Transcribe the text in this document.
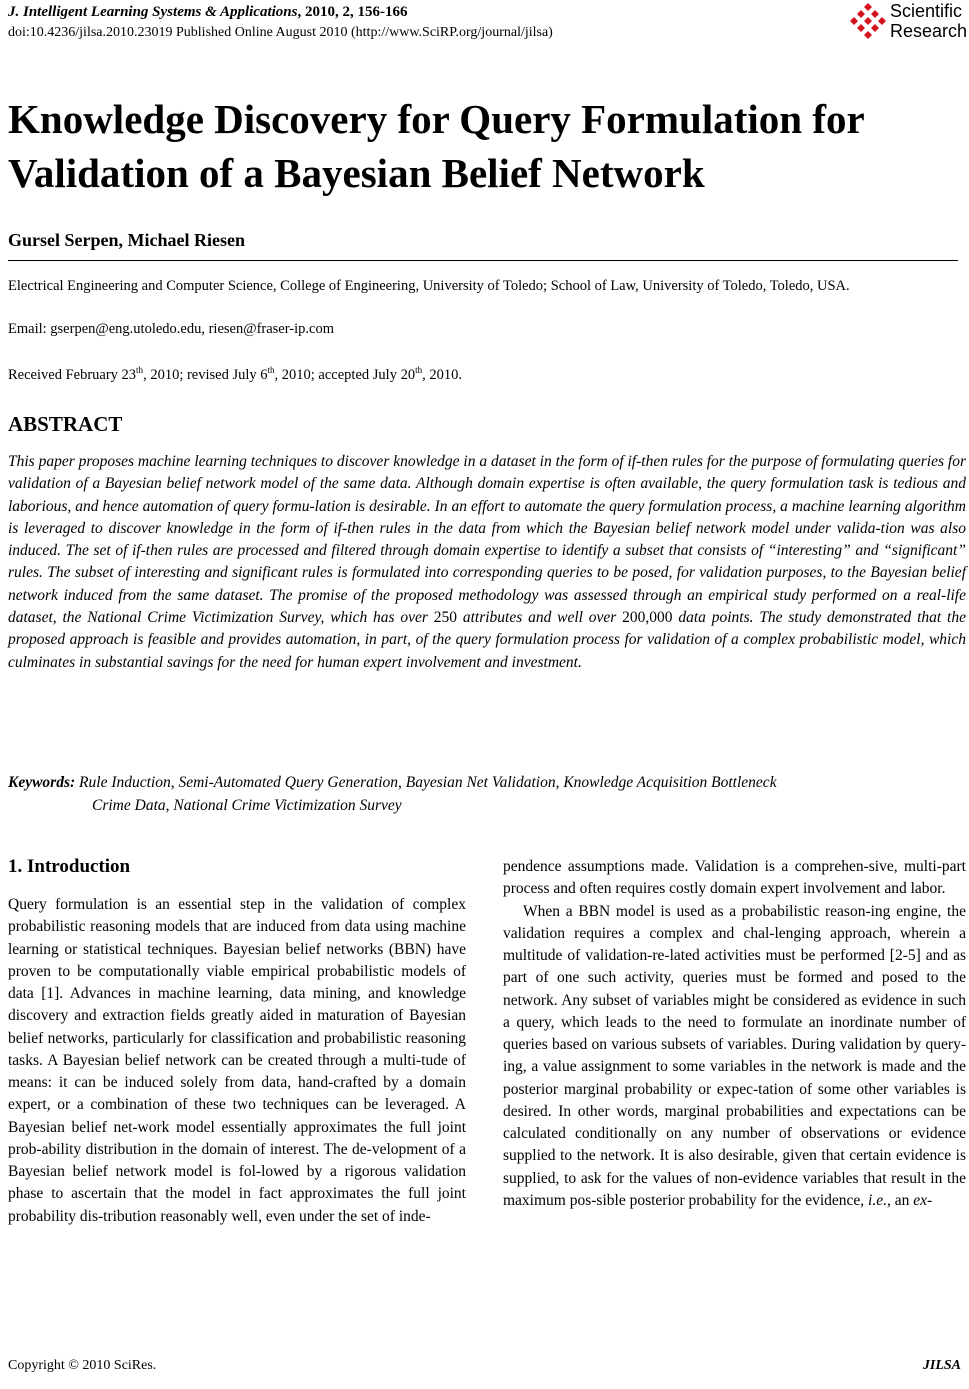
J. Intelligent Learning Systems & Applications, 2010, 2, 156-166
doi:10.4236/jilsa.2010.23019 Published Online August 2010 (http://www.SciRP.org/journal/jilsa)
Scientific
Research
Knowledge Discovery for Query Formulation for Validation of a Bayesian Belief Network
Gursel Serpen, Michael Riesen
Electrical Engineering and Computer Science, College of Engineering, University of Toledo; School of Law, University of Toledo, Toledo, USA.
Email: gserpen@eng.utoledo.edu, riesen@fraser-ip.com
Received February 23th, 2010; revised July 6th, 2010; accepted July 20th, 2010.
ABSTRACT
This paper proposes machine learning techniques to discover knowledge in a dataset in the form of if-then rules for the purpose of formulating queries for validation of a Bayesian belief network model of the same data. Although domain expertise is often available, the query formulation task is tedious and laborious, and hence automation of query formu-lation is desirable. In an effort to automate the query formulation process, a machine learning algorithm is leveraged to discover knowledge in the form of if-then rules in the data from which the Bayesian belief network model under valida-tion was also induced. The set of if-then rules are processed and filtered through domain expertise to identify a subset that consists of “interesting” and “significant” rules. The subset of interesting and significant rules is formulated into corresponding queries to be posed, for validation purposes, to the Bayesian belief network induced from the same dataset. The promise of the proposed methodology was assessed through an empirical study performed on a real-life dataset, the National Crime Victimization Survey, which has over 250 attributes and well over 200,000 data points. The study demonstrated that the proposed approach is feasible and provides automation, in part, of the query formulation process for validation of a complex probabilistic model, which culminates in substantial savings for the need for human expert involvement and investment.
Keywords: Rule Induction, Semi-Automated Query Generation, Bayesian Net Validation, Knowledge Acquisition Bottleneck
Crime Data, National Crime Victimization Survey
1. Introduction

Query formulation is an essential step in the validation of complex probabilistic reasoning models that are induced from data using machine learning or statistical techniques. Bayesian belief networks (BBN) have proven to be computationally viable empirical probabilistic models of data [1]. Advances in machine learning, data mining, and knowledge discovery and extraction fields greatly aided in maturation of Bayesian belief networks, particularly for classification and probabilistic reasoning tasks. A Bayesian belief network can be created through a multi-tude of means: it can be induced solely from data, hand-crafted by a domain expert, or a combination of these two techniques can be leveraged. A Bayesian belief net-work model essentially approximates the full joint prob-ability distribution in the domain of interest. The de-velopment of a Bayesian belief network model is fol-lowed by a rigorous validation phase to ascertain that the model in fact approximates the full joint probability dis-tribution reasonably well, even under the set of inde-

pendence assumptions made. Validation is a comprehen-sive, multi-part process and often requires costly domain expert involvement and labor.

When a BBN model is used as a probabilistic reason-ing engine, the validation requires a complex and chal-lenging approach, wherein a multitude of validation-re-lated activities must be performed [2-5] and as part of one such activity, queries must be formed and posed to the network. Any subset of variables might be considered as evidence in such a query, which leads to the need to formulate an inordinate number of queries based on various subsets of variables. During validation by query-ing, a value assignment to some variables in the network is made and the posterior marginal probability or expec-tation of some other variables is desired. In other words, marginal probabilities and expectations can be calculated conditionally on any number of observations or evidence supplied to the network. It is also desirable, given that certain evidence is supplied, to ask for the values of non-evidence variables that result in the maximum pos-sible posterior probability for the evidence, i.e., an ex-

Copyright © 2010 SciRes.	JILSA
